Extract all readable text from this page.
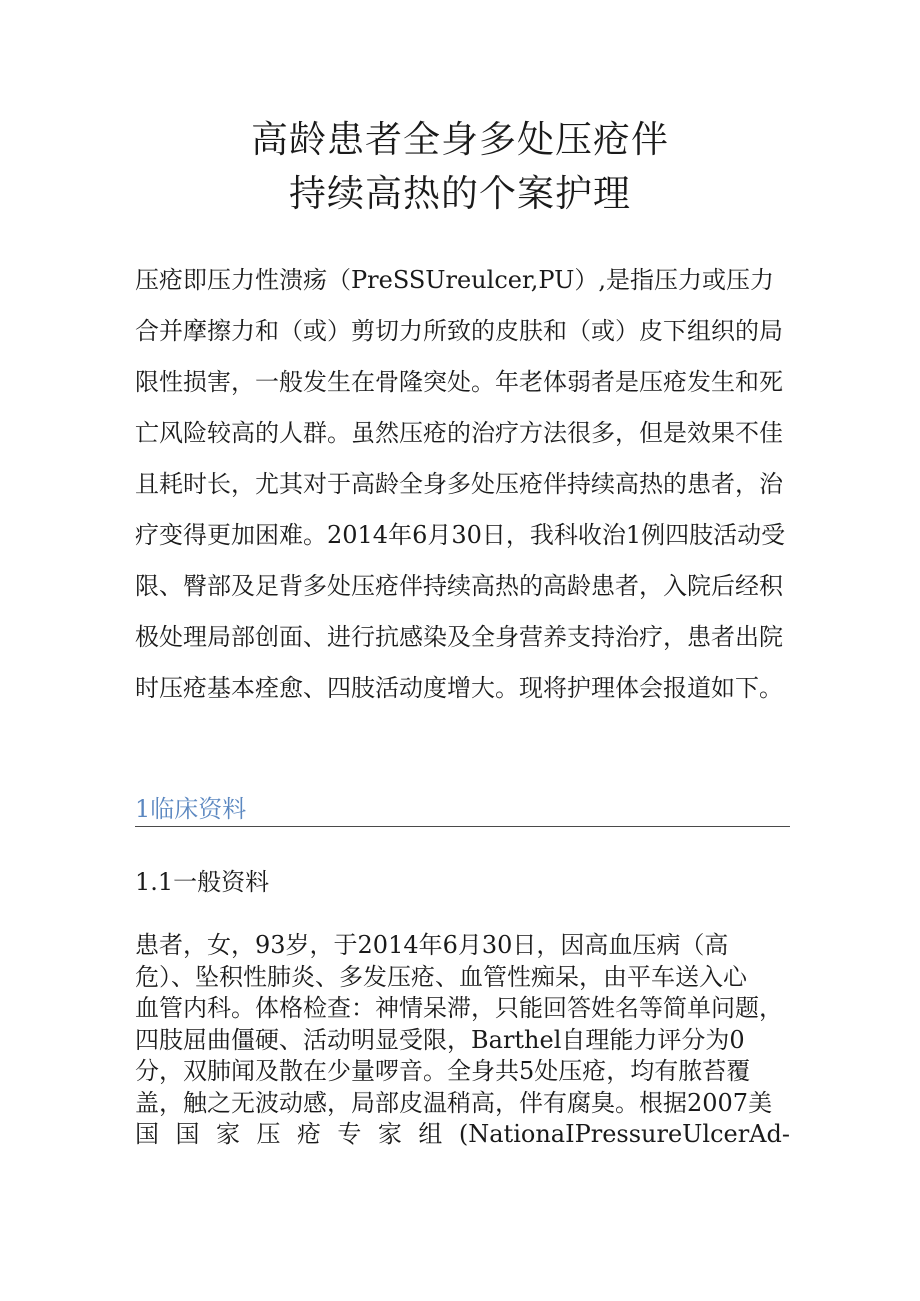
高龄患者全身多处压疮伴
持续高热的个案护理

压疮即压力性溃疡（PreSSUreulcer,PU）,是指压力或压力合并摩擦力和（或）剪切力所致的皮肤和（或）皮下组织的局限性损害，一般发生在骨隆突处。年老体弱者是压疮发生和死亡风险较高的人群。虽然压疮的治疗方法很多，但是效果不佳且耗时长，尤其对于高龄全身多处压疮伴持续高热的患者，治疗变得更加困难。2014年6月30日，我科收治1例四肢活动受限、臀部及足背多处压疮伴持续高热的高龄患者，入院后经积极处理局部创面、进行抗感染及全身营养支持治疗，患者出院时压疮基本痊愈、四肢活动度增大。现将护理体会报道如下。

1临床资料
1.1一般资料

患者，女，93岁，于2014年6月30日，因高血压病（高
危）、坠积性肺炎、多发压疮、血管性痴呆，由平车送入心
血管内科。体格检查：神情呆滞，只能回答姓名等简单问题，
四肢屈曲僵硬、活动明显受限，Barthel自理能力评分为0
分，双肺闻及散在少量啰音。全身共5处压疮，均有脓苔覆
盖，触之无波动感，局部皮温稍高，伴有腐臭。根据2007美
国国家压疮专家组(NationaIPressureUlcerAd-
